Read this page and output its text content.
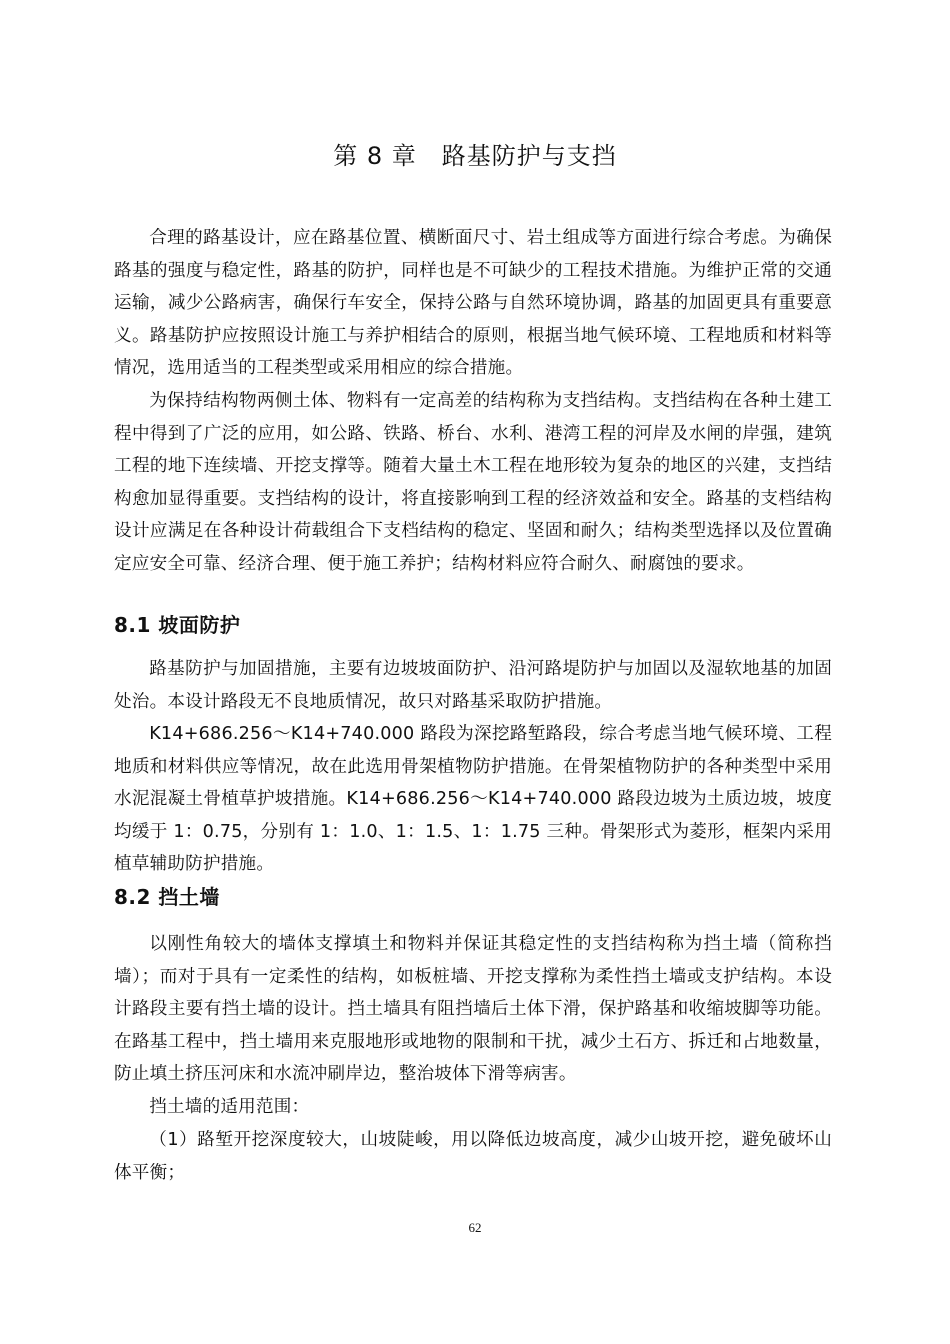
第 8 章　路基防护与支挡

合理的路基设计，应在路基位置、横断面尺寸、岩土组成等方面进行综合考虑。为确保路基的强度与稳定性，路基的防护，同样也是不可缺少的工程技术措施。为维护正常的交通运输，减少公路病害，确保行车安全，保持公路与自然环境协调，路基的加固更具有重要意义。路基防护应按照设计施工与养护相结合的原则，根据当地气候环境、工程地质和材料等情况，选用适当的工程类型或采用相应的综合措施。

为保持结构物两侧土体、物料有一定高差的结构称为支挡结构。支挡结构在各种土建工程中得到了广泛的应用，如公路、铁路、桥台、水利、港湾工程的河岸及水闸的岸强，建筑工程的地下连续墙、开挖支撑等。随着大量土木工程在地形较为复杂的地区的兴建，支挡结构愈加显得重要。支挡结构的设计，将直接影响到工程的经济效益和安全。路基的支档结构设计应满足在各种设计荷载组合下支档结构的稳定、坚固和耐久；结构类型选择以及位置确定应安全可靠、经济合理、便于施工养护；结构材料应符合耐久、耐腐蚀的要求。

8.1 坡面防护

路基防护与加固措施，主要有边坡坡面防护、沿河路堤防护与加固以及湿软地基的加固处治。本设计路段无不良地质情况，故只对路基采取防护措施。

K14+686.256～K14+740.000 路段为深挖路堑路段，综合考虑当地气候环境、工程地质和材料供应等情况，故在此选用骨架植物防护措施。在骨架植物防护的各种类型中采用水泥混凝土骨植草护坡措施。K14+686.256～K14+740.000 路段边坡为土质边坡，坡度均缓于 1：0.75，分别有 1：1.0、1：1.5、1：1.75 三种。骨架形式为菱形，框架内采用植草辅助防护措施。

8.2 挡土墙

以刚性角较大的墙体支撑填土和物料并保证其稳定性的支挡结构称为挡土墙（简称挡墙）；而对于具有一定柔性的结构，如板桩墙、开挖支撑称为柔性挡土墙或支护结构。本设计路段主要有挡土墙的设计。挡土墙具有阻挡墙后土体下滑，保护路基和收缩坡脚等功能。在路基工程中，挡土墙用来克服地形或地物的限制和干扰，减少土石方、拆迁和占地数量，防止填土挤压河床和水流冲刷岸边，整治坡体下滑等病害。

挡土墙的适用范围：

（1）路堑开挖深度较大，山坡陡峻，用以降低边坡高度，减少山坡开挖，避免破坏山体平衡；

62
